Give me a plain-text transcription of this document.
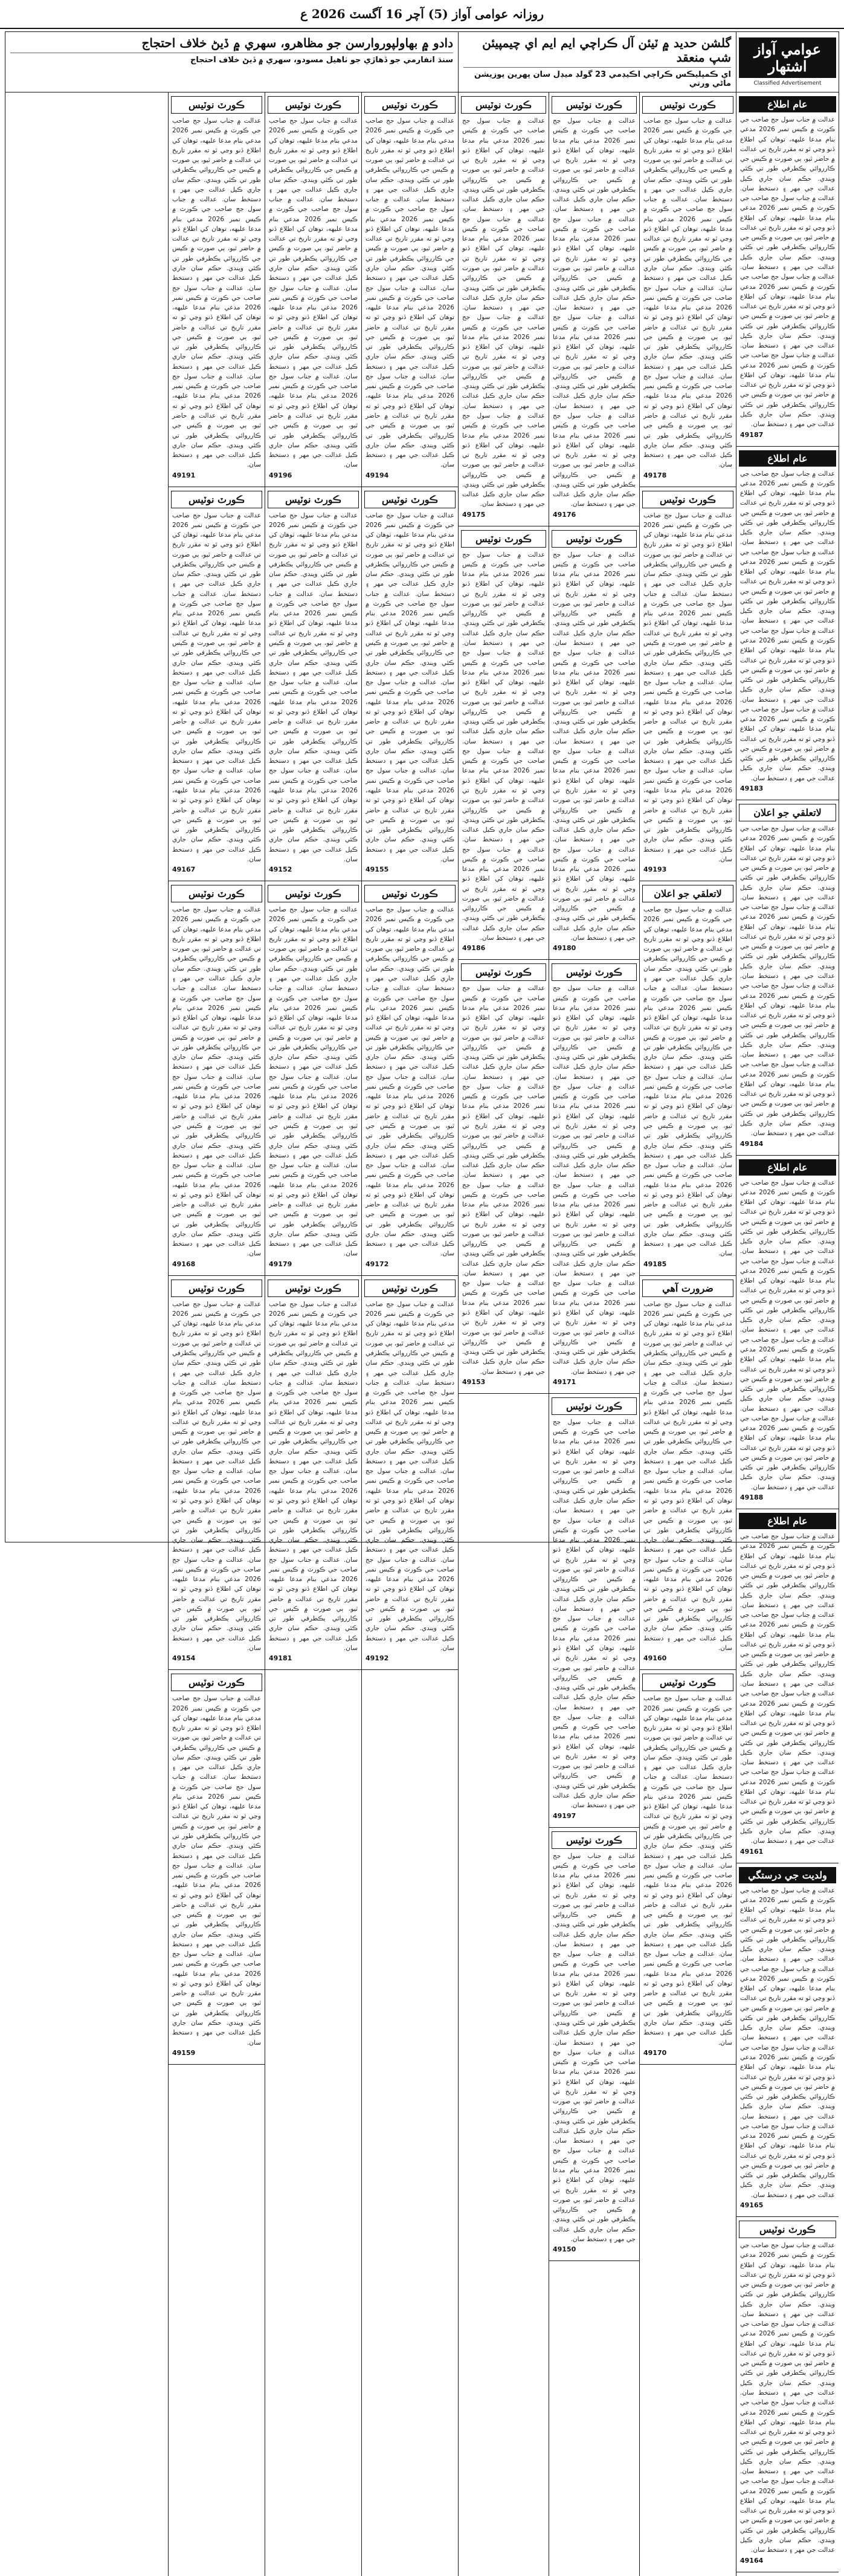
روزانہ عوامی آواز (5) آچر 16 آگسٽ 2026 ع
عوامي آواز
اشتهار
Classified Advertisement
دادو ۾ بھاولپوروارسن جو مظاهرو، سھري ۾ ڏيڻ خلاف احتجاج
سنڌ انفارمي جو ڏهاڙي جو ٺاهيل مسودو، سهري ۾ ڏيڻ خلاف احتجاج
گلشن حديد ۾ ٽيئن آل ڪراچي ايم ايم اي چيمپيئن شپ منعقد
اي ڪمپليڪس ڪراچي اڪيڊمي 23 گولڊ ميڊل سان پهرين پوزيشن ماڻي ورتي
عام اطلاع
عدالت ۾ جناب سول جج صاحب جي ڪورٽ ۾ ڪيس نمبر 2026 مدعي بنام مدعا عليهه، توهان کي اطلاع ڏنو وڃي ٿو ته مقرر تاريخ تي عدالت ۾ حاضر ٿيو، ٻي صورت ۾ ڪيس جي ڪارروائي يڪطرفي طور تي ڪئي ويندي. حڪم سان جاري ڪيل عدالت جي مهر ۽ دستخط سان. عدالت ۾ جناب سول جج صاحب جي ڪورٽ ۾ ڪيس نمبر 2026 مدعي بنام مدعا عليهه، توهان کي اطلاع ڏنو وڃي ٿو ته مقرر تاريخ تي عدالت ۾ حاضر ٿيو، ٻي صورت ۾ ڪيس جي ڪارروائي يڪطرفي طور تي ڪئي ويندي. حڪم سان جاري ڪيل عدالت جي مهر ۽ دستخط سان. عدالت ۾ جناب سول جج صاحب جي ڪورٽ ۾ ڪيس نمبر 2026 مدعي بنام مدعا عليهه، توهان کي اطلاع ڏنو وڃي ٿو ته مقرر تاريخ تي عدالت ۾ حاضر ٿيو، ٻي صورت ۾ ڪيس جي ڪارروائي يڪطرفي طور تي ڪئي ويندي. حڪم سان جاري ڪيل عدالت جي مهر ۽ دستخط سان. عدالت ۾ جناب سول جج صاحب جي ڪورٽ ۾ ڪيس نمبر 2026 مدعي بنام مدعا عليهه، توهان کي اطلاع ڏنو وڃي ٿو ته مقرر تاريخ تي عدالت ۾ حاضر ٿيو، ٻي صورت ۾ ڪيس جي ڪارروائي يڪطرفي طور تي ڪئي ويندي. حڪم سان جاري ڪيل عدالت جي مهر ۽ دستخط سان.
49187
عام اطلاع
عدالت ۾ جناب سول جج صاحب جي ڪورٽ ۾ ڪيس نمبر 2026 مدعي بنام مدعا عليهه، توهان کي اطلاع ڏنو وڃي ٿو ته مقرر تاريخ تي عدالت ۾ حاضر ٿيو، ٻي صورت ۾ ڪيس جي ڪارروائي يڪطرفي طور تي ڪئي ويندي. حڪم سان جاري ڪيل عدالت جي مهر ۽ دستخط سان. عدالت ۾ جناب سول جج صاحب جي ڪورٽ ۾ ڪيس نمبر 2026 مدعي بنام مدعا عليهه، توهان کي اطلاع ڏنو وڃي ٿو ته مقرر تاريخ تي عدالت ۾ حاضر ٿيو، ٻي صورت ۾ ڪيس جي ڪارروائي يڪطرفي طور تي ڪئي ويندي. حڪم سان جاري ڪيل عدالت جي مهر ۽ دستخط سان. عدالت ۾ جناب سول جج صاحب جي ڪورٽ ۾ ڪيس نمبر 2026 مدعي بنام مدعا عليهه، توهان کي اطلاع ڏنو وڃي ٿو ته مقرر تاريخ تي عدالت ۾ حاضر ٿيو، ٻي صورت ۾ ڪيس جي ڪارروائي يڪطرفي طور تي ڪئي ويندي. حڪم سان جاري ڪيل عدالت جي مهر ۽ دستخط سان. عدالت ۾ جناب سول جج صاحب جي ڪورٽ ۾ ڪيس نمبر 2026 مدعي بنام مدعا عليهه، توهان کي اطلاع ڏنو وڃي ٿو ته مقرر تاريخ تي عدالت ۾ حاضر ٿيو، ٻي صورت ۾ ڪيس جي ڪارروائي يڪطرفي طور تي ڪئي ويندي. حڪم سان جاري ڪيل عدالت جي مهر ۽ دستخط سان.
49183
لاتعلقي جو اعلان
عدالت ۾ جناب سول جج صاحب جي ڪورٽ ۾ ڪيس نمبر 2026 مدعي بنام مدعا عليهه، توهان کي اطلاع ڏنو وڃي ٿو ته مقرر تاريخ تي عدالت ۾ حاضر ٿيو، ٻي صورت ۾ ڪيس جي ڪارروائي يڪطرفي طور تي ڪئي ويندي. حڪم سان جاري ڪيل عدالت جي مهر ۽ دستخط سان. عدالت ۾ جناب سول جج صاحب جي ڪورٽ ۾ ڪيس نمبر 2026 مدعي بنام مدعا عليهه، توهان کي اطلاع ڏنو وڃي ٿو ته مقرر تاريخ تي عدالت ۾ حاضر ٿيو، ٻي صورت ۾ ڪيس جي ڪارروائي يڪطرفي طور تي ڪئي ويندي. حڪم سان جاري ڪيل عدالت جي مهر ۽ دستخط سان. عدالت ۾ جناب سول جج صاحب جي ڪورٽ ۾ ڪيس نمبر 2026 مدعي بنام مدعا عليهه، توهان کي اطلاع ڏنو وڃي ٿو ته مقرر تاريخ تي عدالت ۾ حاضر ٿيو، ٻي صورت ۾ ڪيس جي ڪارروائي يڪطرفي طور تي ڪئي ويندي. حڪم سان جاري ڪيل عدالت جي مهر ۽ دستخط سان. عدالت ۾ جناب سول جج صاحب جي ڪورٽ ۾ ڪيس نمبر 2026 مدعي بنام مدعا عليهه، توهان کي اطلاع ڏنو وڃي ٿو ته مقرر تاريخ تي عدالت ۾ حاضر ٿيو، ٻي صورت ۾ ڪيس جي ڪارروائي يڪطرفي طور تي ڪئي ويندي. حڪم سان جاري ڪيل عدالت جي مهر ۽ دستخط سان.
49184
عام اطلاع
عدالت ۾ جناب سول جج صاحب جي ڪورٽ ۾ ڪيس نمبر 2026 مدعي بنام مدعا عليهه، توهان کي اطلاع ڏنو وڃي ٿو ته مقرر تاريخ تي عدالت ۾ حاضر ٿيو، ٻي صورت ۾ ڪيس جي ڪارروائي يڪطرفي طور تي ڪئي ويندي. حڪم سان جاري ڪيل عدالت جي مهر ۽ دستخط سان. عدالت ۾ جناب سول جج صاحب جي ڪورٽ ۾ ڪيس نمبر 2026 مدعي بنام مدعا عليهه، توهان کي اطلاع ڏنو وڃي ٿو ته مقرر تاريخ تي عدالت ۾ حاضر ٿيو، ٻي صورت ۾ ڪيس جي ڪارروائي يڪطرفي طور تي ڪئي ويندي. حڪم سان جاري ڪيل عدالت جي مهر ۽ دستخط سان. عدالت ۾ جناب سول جج صاحب جي ڪورٽ ۾ ڪيس نمبر 2026 مدعي بنام مدعا عليهه، توهان کي اطلاع ڏنو وڃي ٿو ته مقرر تاريخ تي عدالت ۾ حاضر ٿيو، ٻي صورت ۾ ڪيس جي ڪارروائي يڪطرفي طور تي ڪئي ويندي. حڪم سان جاري ڪيل عدالت جي مهر ۽ دستخط سان. عدالت ۾ جناب سول جج صاحب جي ڪورٽ ۾ ڪيس نمبر 2026 مدعي بنام مدعا عليهه، توهان کي اطلاع ڏنو وڃي ٿو ته مقرر تاريخ تي عدالت ۾ حاضر ٿيو، ٻي صورت ۾ ڪيس جي ڪارروائي يڪطرفي طور تي ڪئي ويندي. حڪم سان جاري ڪيل عدالت جي مهر ۽ دستخط سان.
49188
عام اطلاع
عدالت ۾ جناب سول جج صاحب جي ڪورٽ ۾ ڪيس نمبر 2026 مدعي بنام مدعا عليهه، توهان کي اطلاع ڏنو وڃي ٿو ته مقرر تاريخ تي عدالت ۾ حاضر ٿيو، ٻي صورت ۾ ڪيس جي ڪارروائي يڪطرفي طور تي ڪئي ويندي. حڪم سان جاري ڪيل عدالت جي مهر ۽ دستخط سان. عدالت ۾ جناب سول جج صاحب جي ڪورٽ ۾ ڪيس نمبر 2026 مدعي بنام مدعا عليهه، توهان کي اطلاع ڏنو وڃي ٿو ته مقرر تاريخ تي عدالت ۾ حاضر ٿيو، ٻي صورت ۾ ڪيس جي ڪارروائي يڪطرفي طور تي ڪئي ويندي. حڪم سان جاري ڪيل عدالت جي مهر ۽ دستخط سان. عدالت ۾ جناب سول جج صاحب جي ڪورٽ ۾ ڪيس نمبر 2026 مدعي بنام مدعا عليهه، توهان کي اطلاع ڏنو وڃي ٿو ته مقرر تاريخ تي عدالت ۾ حاضر ٿيو، ٻي صورت ۾ ڪيس جي ڪارروائي يڪطرفي طور تي ڪئي ويندي. حڪم سان جاري ڪيل عدالت جي مهر ۽ دستخط سان. عدالت ۾ جناب سول جج صاحب جي ڪورٽ ۾ ڪيس نمبر 2026 مدعي بنام مدعا عليهه، توهان کي اطلاع ڏنو وڃي ٿو ته مقرر تاريخ تي عدالت ۾ حاضر ٿيو، ٻي صورت ۾ ڪيس جي ڪارروائي يڪطرفي طور تي ڪئي ويندي. حڪم سان جاري ڪيل عدالت جي مهر ۽ دستخط سان.
49161
ولديت جي درستگي
عدالت ۾ جناب سول جج صاحب جي ڪورٽ ۾ ڪيس نمبر 2026 مدعي بنام مدعا عليهه، توهان کي اطلاع ڏنو وڃي ٿو ته مقرر تاريخ تي عدالت ۾ حاضر ٿيو، ٻي صورت ۾ ڪيس جي ڪارروائي يڪطرفي طور تي ڪئي ويندي. حڪم سان جاري ڪيل عدالت جي مهر ۽ دستخط سان. عدالت ۾ جناب سول جج صاحب جي ڪورٽ ۾ ڪيس نمبر 2026 مدعي بنام مدعا عليهه، توهان کي اطلاع ڏنو وڃي ٿو ته مقرر تاريخ تي عدالت ۾ حاضر ٿيو، ٻي صورت ۾ ڪيس جي ڪارروائي يڪطرفي طور تي ڪئي ويندي. حڪم سان جاري ڪيل عدالت جي مهر ۽ دستخط سان. عدالت ۾ جناب سول جج صاحب جي ڪورٽ ۾ ڪيس نمبر 2026 مدعي بنام مدعا عليهه، توهان کي اطلاع ڏنو وڃي ٿو ته مقرر تاريخ تي عدالت ۾ حاضر ٿيو، ٻي صورت ۾ ڪيس جي ڪارروائي يڪطرفي طور تي ڪئي ويندي. حڪم سان جاري ڪيل عدالت جي مهر ۽ دستخط سان. عدالت ۾ جناب سول جج صاحب جي ڪورٽ ۾ ڪيس نمبر 2026 مدعي بنام مدعا عليهه، توهان کي اطلاع ڏنو وڃي ٿو ته مقرر تاريخ تي عدالت ۾ حاضر ٿيو، ٻي صورت ۾ ڪيس جي ڪارروائي يڪطرفي طور تي ڪئي ويندي. حڪم سان جاري ڪيل عدالت جي مهر ۽ دستخط سان.
49165
ڪورٽ نوٽيس
عدالت ۾ جناب سول جج صاحب جي ڪورٽ ۾ ڪيس نمبر 2026 مدعي بنام مدعا عليهه، توهان کي اطلاع ڏنو وڃي ٿو ته مقرر تاريخ تي عدالت ۾ حاضر ٿيو، ٻي صورت ۾ ڪيس جي ڪارروائي يڪطرفي طور تي ڪئي ويندي. حڪم سان جاري ڪيل عدالت جي مهر ۽ دستخط سان. عدالت ۾ جناب سول جج صاحب جي ڪورٽ ۾ ڪيس نمبر 2026 مدعي بنام مدعا عليهه، توهان کي اطلاع ڏنو وڃي ٿو ته مقرر تاريخ تي عدالت ۾ حاضر ٿيو، ٻي صورت ۾ ڪيس جي ڪارروائي يڪطرفي طور تي ڪئي ويندي. حڪم سان جاري ڪيل عدالت جي مهر ۽ دستخط سان. عدالت ۾ جناب سول جج صاحب جي ڪورٽ ۾ ڪيس نمبر 2026 مدعي بنام مدعا عليهه، توهان کي اطلاع ڏنو وڃي ٿو ته مقرر تاريخ تي عدالت ۾ حاضر ٿيو، ٻي صورت ۾ ڪيس جي ڪارروائي يڪطرفي طور تي ڪئي ويندي. حڪم سان جاري ڪيل عدالت جي مهر ۽ دستخط سان. عدالت ۾ جناب سول جج صاحب جي ڪورٽ ۾ ڪيس نمبر 2026 مدعي بنام مدعا عليهه، توهان کي اطلاع ڏنو وڃي ٿو ته مقرر تاريخ تي عدالت ۾ حاضر ٿيو، ٻي صورت ۾ ڪيس جي ڪارروائي يڪطرفي طور تي ڪئي ويندي. حڪم سان جاري ڪيل عدالت جي مهر ۽ دستخط سان.
49164
ڪورٽ نوٽيس
عدالت ۾ جناب سول جج صاحب جي ڪورٽ ۾ ڪيس نمبر 2026 مدعي بنام مدعا عليهه، توهان کي اطلاع ڏنو وڃي ٿو ته مقرر تاريخ تي عدالت ۾ حاضر ٿيو، ٻي صورت ۾ ڪيس جي ڪارروائي يڪطرفي طور تي ڪئي ويندي. حڪم سان جاري ڪيل عدالت جي مهر ۽ دستخط سان. عدالت ۾ جناب سول جج صاحب جي ڪورٽ ۾ ڪيس نمبر 2026 مدعي بنام مدعا عليهه، توهان کي اطلاع ڏنو وڃي ٿو ته مقرر تاريخ تي عدالت ۾ حاضر ٿيو، ٻي صورت ۾ ڪيس جي ڪارروائي يڪطرفي طور تي ڪئي ويندي. حڪم سان جاري ڪيل عدالت جي مهر ۽ دستخط سان. عدالت ۾ جناب سول جج صاحب جي ڪورٽ ۾ ڪيس نمبر 2026 مدعي بنام مدعا عليهه، توهان کي اطلاع ڏنو وڃي ٿو ته مقرر تاريخ تي عدالت ۾ حاضر ٿيو، ٻي صورت ۾ ڪيس جي ڪارروائي يڪطرفي طور تي ڪئي ويندي. حڪم سان جاري ڪيل عدالت جي مهر ۽ دستخط سان. عدالت ۾ جناب سول جج صاحب جي ڪورٽ ۾ ڪيس نمبر 2026 مدعي بنام مدعا عليهه، توهان کي اطلاع ڏنو وڃي ٿو ته مقرر تاريخ تي عدالت ۾ حاضر ٿيو، ٻي صورت ۾ ڪيس جي ڪارروائي يڪطرفي طور تي ڪئي ويندي. حڪم سان جاري ڪيل عدالت جي مهر ۽ دستخط سان.
49178
ڪورٽ نوٽيس
عدالت ۾ جناب سول جج صاحب جي ڪورٽ ۾ ڪيس نمبر 2026 مدعي بنام مدعا عليهه، توهان کي اطلاع ڏنو وڃي ٿو ته مقرر تاريخ تي عدالت ۾ حاضر ٿيو، ٻي صورت ۾ ڪيس جي ڪارروائي يڪطرفي طور تي ڪئي ويندي. حڪم سان جاري ڪيل عدالت جي مهر ۽ دستخط سان. عدالت ۾ جناب سول جج صاحب جي ڪورٽ ۾ ڪيس نمبر 2026 مدعي بنام مدعا عليهه، توهان کي اطلاع ڏنو وڃي ٿو ته مقرر تاريخ تي عدالت ۾ حاضر ٿيو، ٻي صورت ۾ ڪيس جي ڪارروائي يڪطرفي طور تي ڪئي ويندي. حڪم سان جاري ڪيل عدالت جي مهر ۽ دستخط سان. عدالت ۾ جناب سول جج صاحب جي ڪورٽ ۾ ڪيس نمبر 2026 مدعي بنام مدعا عليهه، توهان کي اطلاع ڏنو وڃي ٿو ته مقرر تاريخ تي عدالت ۾ حاضر ٿيو، ٻي صورت ۾ ڪيس جي ڪارروائي يڪطرفي طور تي ڪئي ويندي. حڪم سان جاري ڪيل عدالت جي مهر ۽ دستخط سان. عدالت ۾ جناب سول جج صاحب جي ڪورٽ ۾ ڪيس نمبر 2026 مدعي بنام مدعا عليهه، توهان کي اطلاع ڏنو وڃي ٿو ته مقرر تاريخ تي عدالت ۾ حاضر ٿيو، ٻي صورت ۾ ڪيس جي ڪارروائي يڪطرفي طور تي ڪئي ويندي. حڪم سان جاري ڪيل عدالت جي مهر ۽ دستخط سان.
49193
لاتعلقي جو اعلان
عدالت ۾ جناب سول جج صاحب جي ڪورٽ ۾ ڪيس نمبر 2026 مدعي بنام مدعا عليهه، توهان کي اطلاع ڏنو وڃي ٿو ته مقرر تاريخ تي عدالت ۾ حاضر ٿيو، ٻي صورت ۾ ڪيس جي ڪارروائي يڪطرفي طور تي ڪئي ويندي. حڪم سان جاري ڪيل عدالت جي مهر ۽ دستخط سان. عدالت ۾ جناب سول جج صاحب جي ڪورٽ ۾ ڪيس نمبر 2026 مدعي بنام مدعا عليهه، توهان کي اطلاع ڏنو وڃي ٿو ته مقرر تاريخ تي عدالت ۾ حاضر ٿيو، ٻي صورت ۾ ڪيس جي ڪارروائي يڪطرفي طور تي ڪئي ويندي. حڪم سان جاري ڪيل عدالت جي مهر ۽ دستخط سان. عدالت ۾ جناب سول جج صاحب جي ڪورٽ ۾ ڪيس نمبر 2026 مدعي بنام مدعا عليهه، توهان کي اطلاع ڏنو وڃي ٿو ته مقرر تاريخ تي عدالت ۾ حاضر ٿيو، ٻي صورت ۾ ڪيس جي ڪارروائي يڪطرفي طور تي ڪئي ويندي. حڪم سان جاري ڪيل عدالت جي مهر ۽ دستخط سان. عدالت ۾ جناب سول جج صاحب جي ڪورٽ ۾ ڪيس نمبر 2026 مدعي بنام مدعا عليهه، توهان کي اطلاع ڏنو وڃي ٿو ته مقرر تاريخ تي عدالت ۾ حاضر ٿيو، ٻي صورت ۾ ڪيس جي ڪارروائي يڪطرفي طور تي ڪئي ويندي. حڪم سان جاري ڪيل عدالت جي مهر ۽ دستخط سان.
49185
ضرورت آهي
عدالت ۾ جناب سول جج صاحب جي ڪورٽ ۾ ڪيس نمبر 2026 مدعي بنام مدعا عليهه، توهان کي اطلاع ڏنو وڃي ٿو ته مقرر تاريخ تي عدالت ۾ حاضر ٿيو، ٻي صورت ۾ ڪيس جي ڪارروائي يڪطرفي طور تي ڪئي ويندي. حڪم سان جاري ڪيل عدالت جي مهر ۽ دستخط سان. عدالت ۾ جناب سول جج صاحب جي ڪورٽ ۾ ڪيس نمبر 2026 مدعي بنام مدعا عليهه، توهان کي اطلاع ڏنو وڃي ٿو ته مقرر تاريخ تي عدالت ۾ حاضر ٿيو، ٻي صورت ۾ ڪيس جي ڪارروائي يڪطرفي طور تي ڪئي ويندي. حڪم سان جاري ڪيل عدالت جي مهر ۽ دستخط سان. عدالت ۾ جناب سول جج صاحب جي ڪورٽ ۾ ڪيس نمبر 2026 مدعي بنام مدعا عليهه، توهان کي اطلاع ڏنو وڃي ٿو ته مقرر تاريخ تي عدالت ۾ حاضر ٿيو، ٻي صورت ۾ ڪيس جي ڪارروائي يڪطرفي طور تي ڪئي ويندي. حڪم سان جاري ڪيل عدالت جي مهر ۽ دستخط سان. عدالت ۾ جناب سول جج صاحب جي ڪورٽ ۾ ڪيس نمبر 2026 مدعي بنام مدعا عليهه، توهان کي اطلاع ڏنو وڃي ٿو ته مقرر تاريخ تي عدالت ۾ حاضر ٿيو، ٻي صورت ۾ ڪيس جي ڪارروائي يڪطرفي طور تي ڪئي ويندي. حڪم سان جاري ڪيل عدالت جي مهر ۽ دستخط سان.
49160
ڪورٽ نوٽيس
عدالت ۾ جناب سول جج صاحب جي ڪورٽ ۾ ڪيس نمبر 2026 مدعي بنام مدعا عليهه، توهان کي اطلاع ڏنو وڃي ٿو ته مقرر تاريخ تي عدالت ۾ حاضر ٿيو، ٻي صورت ۾ ڪيس جي ڪارروائي يڪطرفي طور تي ڪئي ويندي. حڪم سان جاري ڪيل عدالت جي مهر ۽ دستخط سان. عدالت ۾ جناب سول جج صاحب جي ڪورٽ ۾ ڪيس نمبر 2026 مدعي بنام مدعا عليهه، توهان کي اطلاع ڏنو وڃي ٿو ته مقرر تاريخ تي عدالت ۾ حاضر ٿيو، ٻي صورت ۾ ڪيس جي ڪارروائي يڪطرفي طور تي ڪئي ويندي. حڪم سان جاري ڪيل عدالت جي مهر ۽ دستخط سان. عدالت ۾ جناب سول جج صاحب جي ڪورٽ ۾ ڪيس نمبر 2026 مدعي بنام مدعا عليهه، توهان کي اطلاع ڏنو وڃي ٿو ته مقرر تاريخ تي عدالت ۾ حاضر ٿيو، ٻي صورت ۾ ڪيس جي ڪارروائي يڪطرفي طور تي ڪئي ويندي. حڪم سان جاري ڪيل عدالت جي مهر ۽ دستخط سان. عدالت ۾ جناب سول جج صاحب جي ڪورٽ ۾ ڪيس نمبر 2026 مدعي بنام مدعا عليهه، توهان کي اطلاع ڏنو وڃي ٿو ته مقرر تاريخ تي عدالت ۾ حاضر ٿيو، ٻي صورت ۾ ڪيس جي ڪارروائي يڪطرفي طور تي ڪئي ويندي. حڪم سان جاري ڪيل عدالت جي مهر ۽ دستخط سان.
49170
ڪورٽ نوٽيس
عدالت ۾ جناب سول جج صاحب جي ڪورٽ ۾ ڪيس نمبر 2026 مدعي بنام مدعا عليهه، توهان کي اطلاع ڏنو وڃي ٿو ته مقرر تاريخ تي عدالت ۾ حاضر ٿيو، ٻي صورت ۾ ڪيس جي ڪارروائي يڪطرفي طور تي ڪئي ويندي. حڪم سان جاري ڪيل عدالت جي مهر ۽ دستخط سان. عدالت ۾ جناب سول جج صاحب جي ڪورٽ ۾ ڪيس نمبر 2026 مدعي بنام مدعا عليهه، توهان کي اطلاع ڏنو وڃي ٿو ته مقرر تاريخ تي عدالت ۾ حاضر ٿيو، ٻي صورت ۾ ڪيس جي ڪارروائي يڪطرفي طور تي ڪئي ويندي. حڪم سان جاري ڪيل عدالت جي مهر ۽ دستخط سان. عدالت ۾ جناب سول جج صاحب جي ڪورٽ ۾ ڪيس نمبر 2026 مدعي بنام مدعا عليهه، توهان کي اطلاع ڏنو وڃي ٿو ته مقرر تاريخ تي عدالت ۾ حاضر ٿيو، ٻي صورت ۾ ڪيس جي ڪارروائي يڪطرفي طور تي ڪئي ويندي. حڪم سان جاري ڪيل عدالت جي مهر ۽ دستخط سان. عدالت ۾ جناب سول جج صاحب جي ڪورٽ ۾ ڪيس نمبر 2026 مدعي بنام مدعا عليهه، توهان کي اطلاع ڏنو وڃي ٿو ته مقرر تاريخ تي عدالت ۾ حاضر ٿيو، ٻي صورت ۾ ڪيس جي ڪارروائي يڪطرفي طور تي ڪئي ويندي. حڪم سان جاري ڪيل عدالت جي مهر ۽ دستخط سان.
49176
ڪورٽ نوٽيس
عدالت ۾ جناب سول جج صاحب جي ڪورٽ ۾ ڪيس نمبر 2026 مدعي بنام مدعا عليهه، توهان کي اطلاع ڏنو وڃي ٿو ته مقرر تاريخ تي عدالت ۾ حاضر ٿيو، ٻي صورت ۾ ڪيس جي ڪارروائي يڪطرفي طور تي ڪئي ويندي. حڪم سان جاري ڪيل عدالت جي مهر ۽ دستخط سان. عدالت ۾ جناب سول جج صاحب جي ڪورٽ ۾ ڪيس نمبر 2026 مدعي بنام مدعا عليهه، توهان کي اطلاع ڏنو وڃي ٿو ته مقرر تاريخ تي عدالت ۾ حاضر ٿيو، ٻي صورت ۾ ڪيس جي ڪارروائي يڪطرفي طور تي ڪئي ويندي. حڪم سان جاري ڪيل عدالت جي مهر ۽ دستخط سان. عدالت ۾ جناب سول جج صاحب جي ڪورٽ ۾ ڪيس نمبر 2026 مدعي بنام مدعا عليهه، توهان کي اطلاع ڏنو وڃي ٿو ته مقرر تاريخ تي عدالت ۾ حاضر ٿيو، ٻي صورت ۾ ڪيس جي ڪارروائي يڪطرفي طور تي ڪئي ويندي. حڪم سان جاري ڪيل عدالت جي مهر ۽ دستخط سان. عدالت ۾ جناب سول جج صاحب جي ڪورٽ ۾ ڪيس نمبر 2026 مدعي بنام مدعا عليهه، توهان کي اطلاع ڏنو وڃي ٿو ته مقرر تاريخ تي عدالت ۾ حاضر ٿيو، ٻي صورت ۾ ڪيس جي ڪارروائي يڪطرفي طور تي ڪئي ويندي. حڪم سان جاري ڪيل عدالت جي مهر ۽ دستخط سان.
49180
ڪورٽ نوٽيس
عدالت ۾ جناب سول جج صاحب جي ڪورٽ ۾ ڪيس نمبر 2026 مدعي بنام مدعا عليهه، توهان کي اطلاع ڏنو وڃي ٿو ته مقرر تاريخ تي عدالت ۾ حاضر ٿيو، ٻي صورت ۾ ڪيس جي ڪارروائي يڪطرفي طور تي ڪئي ويندي. حڪم سان جاري ڪيل عدالت جي مهر ۽ دستخط سان. عدالت ۾ جناب سول جج صاحب جي ڪورٽ ۾ ڪيس نمبر 2026 مدعي بنام مدعا عليهه، توهان کي اطلاع ڏنو وڃي ٿو ته مقرر تاريخ تي عدالت ۾ حاضر ٿيو، ٻي صورت ۾ ڪيس جي ڪارروائي يڪطرفي طور تي ڪئي ويندي. حڪم سان جاري ڪيل عدالت جي مهر ۽ دستخط سان. عدالت ۾ جناب سول جج صاحب جي ڪورٽ ۾ ڪيس نمبر 2026 مدعي بنام مدعا عليهه، توهان کي اطلاع ڏنو وڃي ٿو ته مقرر تاريخ تي عدالت ۾ حاضر ٿيو، ٻي صورت ۾ ڪيس جي ڪارروائي يڪطرفي طور تي ڪئي ويندي. حڪم سان جاري ڪيل عدالت جي مهر ۽ دستخط سان. عدالت ۾ جناب سول جج صاحب جي ڪورٽ ۾ ڪيس نمبر 2026 مدعي بنام مدعا عليهه، توهان کي اطلاع ڏنو وڃي ٿو ته مقرر تاريخ تي عدالت ۾ حاضر ٿيو، ٻي صورت ۾ ڪيس جي ڪارروائي يڪطرفي طور تي ڪئي ويندي. حڪم سان جاري ڪيل عدالت جي مهر ۽ دستخط سان.
49171
ڪورٽ نوٽيس
عدالت ۾ جناب سول جج صاحب جي ڪورٽ ۾ ڪيس نمبر 2026 مدعي بنام مدعا عليهه، توهان کي اطلاع ڏنو وڃي ٿو ته مقرر تاريخ تي عدالت ۾ حاضر ٿيو، ٻي صورت ۾ ڪيس جي ڪارروائي يڪطرفي طور تي ڪئي ويندي. حڪم سان جاري ڪيل عدالت جي مهر ۽ دستخط سان. عدالت ۾ جناب سول جج صاحب جي ڪورٽ ۾ ڪيس نمبر 2026 مدعي بنام مدعا عليهه، توهان کي اطلاع ڏنو وڃي ٿو ته مقرر تاريخ تي عدالت ۾ حاضر ٿيو، ٻي صورت ۾ ڪيس جي ڪارروائي يڪطرفي طور تي ڪئي ويندي. حڪم سان جاري ڪيل عدالت جي مهر ۽ دستخط سان. عدالت ۾ جناب سول جج صاحب جي ڪورٽ ۾ ڪيس نمبر 2026 مدعي بنام مدعا عليهه، توهان کي اطلاع ڏنو وڃي ٿو ته مقرر تاريخ تي عدالت ۾ حاضر ٿيو، ٻي صورت ۾ ڪيس جي ڪارروائي يڪطرفي طور تي ڪئي ويندي. حڪم سان جاري ڪيل عدالت جي مهر ۽ دستخط سان. عدالت ۾ جناب سول جج صاحب جي ڪورٽ ۾ ڪيس نمبر 2026 مدعي بنام مدعا عليهه، توهان کي اطلاع ڏنو وڃي ٿو ته مقرر تاريخ تي عدالت ۾ حاضر ٿيو، ٻي صورت ۾ ڪيس جي ڪارروائي يڪطرفي طور تي ڪئي ويندي. حڪم سان جاري ڪيل عدالت جي مهر ۽ دستخط سان.
49197
ڪورٽ نوٽيس
عدالت ۾ جناب سول جج صاحب جي ڪورٽ ۾ ڪيس نمبر 2026 مدعي بنام مدعا عليهه، توهان کي اطلاع ڏنو وڃي ٿو ته مقرر تاريخ تي عدالت ۾ حاضر ٿيو، ٻي صورت ۾ ڪيس جي ڪارروائي يڪطرفي طور تي ڪئي ويندي. حڪم سان جاري ڪيل عدالت جي مهر ۽ دستخط سان. عدالت ۾ جناب سول جج صاحب جي ڪورٽ ۾ ڪيس نمبر 2026 مدعي بنام مدعا عليهه، توهان کي اطلاع ڏنو وڃي ٿو ته مقرر تاريخ تي عدالت ۾ حاضر ٿيو، ٻي صورت ۾ ڪيس جي ڪارروائي يڪطرفي طور تي ڪئي ويندي. حڪم سان جاري ڪيل عدالت جي مهر ۽ دستخط سان. عدالت ۾ جناب سول جج صاحب جي ڪورٽ ۾ ڪيس نمبر 2026 مدعي بنام مدعا عليهه، توهان کي اطلاع ڏنو وڃي ٿو ته مقرر تاريخ تي عدالت ۾ حاضر ٿيو، ٻي صورت ۾ ڪيس جي ڪارروائي يڪطرفي طور تي ڪئي ويندي. حڪم سان جاري ڪيل عدالت جي مهر ۽ دستخط سان. عدالت ۾ جناب سول جج صاحب جي ڪورٽ ۾ ڪيس نمبر 2026 مدعي بنام مدعا عليهه، توهان کي اطلاع ڏنو وڃي ٿو ته مقرر تاريخ تي عدالت ۾ حاضر ٿيو، ٻي صورت ۾ ڪيس جي ڪارروائي يڪطرفي طور تي ڪئي ويندي. حڪم سان جاري ڪيل عدالت جي مهر ۽ دستخط سان.
49150
ڪورٽ نوٽيس
عدالت ۾ جناب سول جج صاحب جي ڪورٽ ۾ ڪيس نمبر 2026 مدعي بنام مدعا عليهه، توهان کي اطلاع ڏنو وڃي ٿو ته مقرر تاريخ تي عدالت ۾ حاضر ٿيو، ٻي صورت ۾ ڪيس جي ڪارروائي يڪطرفي طور تي ڪئي ويندي. حڪم سان جاري ڪيل عدالت جي مهر ۽ دستخط سان. عدالت ۾ جناب سول جج صاحب جي ڪورٽ ۾ ڪيس نمبر 2026 مدعي بنام مدعا عليهه، توهان کي اطلاع ڏنو وڃي ٿو ته مقرر تاريخ تي عدالت ۾ حاضر ٿيو، ٻي صورت ۾ ڪيس جي ڪارروائي يڪطرفي طور تي ڪئي ويندي. حڪم سان جاري ڪيل عدالت جي مهر ۽ دستخط سان. عدالت ۾ جناب سول جج صاحب جي ڪورٽ ۾ ڪيس نمبر 2026 مدعي بنام مدعا عليهه، توهان کي اطلاع ڏنو وڃي ٿو ته مقرر تاريخ تي عدالت ۾ حاضر ٿيو، ٻي صورت ۾ ڪيس جي ڪارروائي يڪطرفي طور تي ڪئي ويندي. حڪم سان جاري ڪيل عدالت جي مهر ۽ دستخط سان. عدالت ۾ جناب سول جج صاحب جي ڪورٽ ۾ ڪيس نمبر 2026 مدعي بنام مدعا عليهه، توهان کي اطلاع ڏنو وڃي ٿو ته مقرر تاريخ تي عدالت ۾ حاضر ٿيو، ٻي صورت ۾ ڪيس جي ڪارروائي يڪطرفي طور تي ڪئي ويندي. حڪم سان جاري ڪيل عدالت جي مهر ۽ دستخط سان.
49175
ڪورٽ نوٽيس
عدالت ۾ جناب سول جج صاحب جي ڪورٽ ۾ ڪيس نمبر 2026 مدعي بنام مدعا عليهه، توهان کي اطلاع ڏنو وڃي ٿو ته مقرر تاريخ تي عدالت ۾ حاضر ٿيو، ٻي صورت ۾ ڪيس جي ڪارروائي يڪطرفي طور تي ڪئي ويندي. حڪم سان جاري ڪيل عدالت جي مهر ۽ دستخط سان. عدالت ۾ جناب سول جج صاحب جي ڪورٽ ۾ ڪيس نمبر 2026 مدعي بنام مدعا عليهه، توهان کي اطلاع ڏنو وڃي ٿو ته مقرر تاريخ تي عدالت ۾ حاضر ٿيو، ٻي صورت ۾ ڪيس جي ڪارروائي يڪطرفي طور تي ڪئي ويندي. حڪم سان جاري ڪيل عدالت جي مهر ۽ دستخط سان. عدالت ۾ جناب سول جج صاحب جي ڪورٽ ۾ ڪيس نمبر 2026 مدعي بنام مدعا عليهه، توهان کي اطلاع ڏنو وڃي ٿو ته مقرر تاريخ تي عدالت ۾ حاضر ٿيو، ٻي صورت ۾ ڪيس جي ڪارروائي يڪطرفي طور تي ڪئي ويندي. حڪم سان جاري ڪيل عدالت جي مهر ۽ دستخط سان. عدالت ۾ جناب سول جج صاحب جي ڪورٽ ۾ ڪيس نمبر 2026 مدعي بنام مدعا عليهه، توهان کي اطلاع ڏنو وڃي ٿو ته مقرر تاريخ تي عدالت ۾ حاضر ٿيو، ٻي صورت ۾ ڪيس جي ڪارروائي يڪطرفي طور تي ڪئي ويندي. حڪم سان جاري ڪيل عدالت جي مهر ۽ دستخط سان.
49186
ڪورٽ نوٽيس
عدالت ۾ جناب سول جج صاحب جي ڪورٽ ۾ ڪيس نمبر 2026 مدعي بنام مدعا عليهه، توهان کي اطلاع ڏنو وڃي ٿو ته مقرر تاريخ تي عدالت ۾ حاضر ٿيو، ٻي صورت ۾ ڪيس جي ڪارروائي يڪطرفي طور تي ڪئي ويندي. حڪم سان جاري ڪيل عدالت جي مهر ۽ دستخط سان. عدالت ۾ جناب سول جج صاحب جي ڪورٽ ۾ ڪيس نمبر 2026 مدعي بنام مدعا عليهه، توهان کي اطلاع ڏنو وڃي ٿو ته مقرر تاريخ تي عدالت ۾ حاضر ٿيو، ٻي صورت ۾ ڪيس جي ڪارروائي يڪطرفي طور تي ڪئي ويندي. حڪم سان جاري ڪيل عدالت جي مهر ۽ دستخط سان. عدالت ۾ جناب سول جج صاحب جي ڪورٽ ۾ ڪيس نمبر 2026 مدعي بنام مدعا عليهه، توهان کي اطلاع ڏنو وڃي ٿو ته مقرر تاريخ تي عدالت ۾ حاضر ٿيو، ٻي صورت ۾ ڪيس جي ڪارروائي يڪطرفي طور تي ڪئي ويندي. حڪم سان جاري ڪيل عدالت جي مهر ۽ دستخط سان. عدالت ۾ جناب سول جج صاحب جي ڪورٽ ۾ ڪيس نمبر 2026 مدعي بنام مدعا عليهه، توهان کي اطلاع ڏنو وڃي ٿو ته مقرر تاريخ تي عدالت ۾ حاضر ٿيو، ٻي صورت ۾ ڪيس جي ڪارروائي يڪطرفي طور تي ڪئي ويندي. حڪم سان جاري ڪيل عدالت جي مهر ۽ دستخط سان.
49153
ڪورٽ نوٽيس
عدالت ۾ جناب سول جج صاحب جي ڪورٽ ۾ ڪيس نمبر 2026 مدعي بنام مدعا عليهه، توهان کي اطلاع ڏنو وڃي ٿو ته مقرر تاريخ تي عدالت ۾ حاضر ٿيو، ٻي صورت ۾ ڪيس جي ڪارروائي يڪطرفي طور تي ڪئي ويندي. حڪم سان جاري ڪيل عدالت جي مهر ۽ دستخط سان. عدالت ۾ جناب سول جج صاحب جي ڪورٽ ۾ ڪيس نمبر 2026 مدعي بنام مدعا عليهه، توهان کي اطلاع ڏنو وڃي ٿو ته مقرر تاريخ تي عدالت ۾ حاضر ٿيو، ٻي صورت ۾ ڪيس جي ڪارروائي يڪطرفي طور تي ڪئي ويندي. حڪم سان جاري ڪيل عدالت جي مهر ۽ دستخط سان. عدالت ۾ جناب سول جج صاحب جي ڪورٽ ۾ ڪيس نمبر 2026 مدعي بنام مدعا عليهه، توهان کي اطلاع ڏنو وڃي ٿو ته مقرر تاريخ تي عدالت ۾ حاضر ٿيو، ٻي صورت ۾ ڪيس جي ڪارروائي يڪطرفي طور تي ڪئي ويندي. حڪم سان جاري ڪيل عدالت جي مهر ۽ دستخط سان. عدالت ۾ جناب سول جج صاحب جي ڪورٽ ۾ ڪيس نمبر 2026 مدعي بنام مدعا عليهه، توهان کي اطلاع ڏنو وڃي ٿو ته مقرر تاريخ تي عدالت ۾ حاضر ٿيو، ٻي صورت ۾ ڪيس جي ڪارروائي يڪطرفي طور تي ڪئي ويندي. حڪم سان جاري ڪيل عدالت جي مهر ۽ دستخط سان.
49194
ڪورٽ نوٽيس
عدالت ۾ جناب سول جج صاحب جي ڪورٽ ۾ ڪيس نمبر 2026 مدعي بنام مدعا عليهه، توهان کي اطلاع ڏنو وڃي ٿو ته مقرر تاريخ تي عدالت ۾ حاضر ٿيو، ٻي صورت ۾ ڪيس جي ڪارروائي يڪطرفي طور تي ڪئي ويندي. حڪم سان جاري ڪيل عدالت جي مهر ۽ دستخط سان. عدالت ۾ جناب سول جج صاحب جي ڪورٽ ۾ ڪيس نمبر 2026 مدعي بنام مدعا عليهه، توهان کي اطلاع ڏنو وڃي ٿو ته مقرر تاريخ تي عدالت ۾ حاضر ٿيو، ٻي صورت ۾ ڪيس جي ڪارروائي يڪطرفي طور تي ڪئي ويندي. حڪم سان جاري ڪيل عدالت جي مهر ۽ دستخط سان. عدالت ۾ جناب سول جج صاحب جي ڪورٽ ۾ ڪيس نمبر 2026 مدعي بنام مدعا عليهه، توهان کي اطلاع ڏنو وڃي ٿو ته مقرر تاريخ تي عدالت ۾ حاضر ٿيو، ٻي صورت ۾ ڪيس جي ڪارروائي يڪطرفي طور تي ڪئي ويندي. حڪم سان جاري ڪيل عدالت جي مهر ۽ دستخط سان. عدالت ۾ جناب سول جج صاحب جي ڪورٽ ۾ ڪيس نمبر 2026 مدعي بنام مدعا عليهه، توهان کي اطلاع ڏنو وڃي ٿو ته مقرر تاريخ تي عدالت ۾ حاضر ٿيو، ٻي صورت ۾ ڪيس جي ڪارروائي يڪطرفي طور تي ڪئي ويندي. حڪم سان جاري ڪيل عدالت جي مهر ۽ دستخط سان.
49155
ڪورٽ نوٽيس
عدالت ۾ جناب سول جج صاحب جي ڪورٽ ۾ ڪيس نمبر 2026 مدعي بنام مدعا عليهه، توهان کي اطلاع ڏنو وڃي ٿو ته مقرر تاريخ تي عدالت ۾ حاضر ٿيو، ٻي صورت ۾ ڪيس جي ڪارروائي يڪطرفي طور تي ڪئي ويندي. حڪم سان جاري ڪيل عدالت جي مهر ۽ دستخط سان. عدالت ۾ جناب سول جج صاحب جي ڪورٽ ۾ ڪيس نمبر 2026 مدعي بنام مدعا عليهه، توهان کي اطلاع ڏنو وڃي ٿو ته مقرر تاريخ تي عدالت ۾ حاضر ٿيو، ٻي صورت ۾ ڪيس جي ڪارروائي يڪطرفي طور تي ڪئي ويندي. حڪم سان جاري ڪيل عدالت جي مهر ۽ دستخط سان. عدالت ۾ جناب سول جج صاحب جي ڪورٽ ۾ ڪيس نمبر 2026 مدعي بنام مدعا عليهه، توهان کي اطلاع ڏنو وڃي ٿو ته مقرر تاريخ تي عدالت ۾ حاضر ٿيو، ٻي صورت ۾ ڪيس جي ڪارروائي يڪطرفي طور تي ڪئي ويندي. حڪم سان جاري ڪيل عدالت جي مهر ۽ دستخط سان. عدالت ۾ جناب سول جج صاحب جي ڪورٽ ۾ ڪيس نمبر 2026 مدعي بنام مدعا عليهه، توهان کي اطلاع ڏنو وڃي ٿو ته مقرر تاريخ تي عدالت ۾ حاضر ٿيو، ٻي صورت ۾ ڪيس جي ڪارروائي يڪطرفي طور تي ڪئي ويندي. حڪم سان جاري ڪيل عدالت جي مهر ۽ دستخط سان.
49172
ڪورٽ نوٽيس
عدالت ۾ جناب سول جج صاحب جي ڪورٽ ۾ ڪيس نمبر 2026 مدعي بنام مدعا عليهه، توهان کي اطلاع ڏنو وڃي ٿو ته مقرر تاريخ تي عدالت ۾ حاضر ٿيو، ٻي صورت ۾ ڪيس جي ڪارروائي يڪطرفي طور تي ڪئي ويندي. حڪم سان جاري ڪيل عدالت جي مهر ۽ دستخط سان. عدالت ۾ جناب سول جج صاحب جي ڪورٽ ۾ ڪيس نمبر 2026 مدعي بنام مدعا عليهه، توهان کي اطلاع ڏنو وڃي ٿو ته مقرر تاريخ تي عدالت ۾ حاضر ٿيو، ٻي صورت ۾ ڪيس جي ڪارروائي يڪطرفي طور تي ڪئي ويندي. حڪم سان جاري ڪيل عدالت جي مهر ۽ دستخط سان. عدالت ۾ جناب سول جج صاحب جي ڪورٽ ۾ ڪيس نمبر 2026 مدعي بنام مدعا عليهه، توهان کي اطلاع ڏنو وڃي ٿو ته مقرر تاريخ تي عدالت ۾ حاضر ٿيو، ٻي صورت ۾ ڪيس جي ڪارروائي يڪطرفي طور تي ڪئي ويندي. حڪم سان جاري ڪيل عدالت جي مهر ۽ دستخط سان. عدالت ۾ جناب سول جج صاحب جي ڪورٽ ۾ ڪيس نمبر 2026 مدعي بنام مدعا عليهه، توهان کي اطلاع ڏنو وڃي ٿو ته مقرر تاريخ تي عدالت ۾ حاضر ٿيو، ٻي صورت ۾ ڪيس جي ڪارروائي يڪطرفي طور تي ڪئي ويندي. حڪم سان جاري ڪيل عدالت جي مهر ۽ دستخط سان.
49192
ڪورٽ نوٽيس
عدالت ۾ جناب سول جج صاحب جي ڪورٽ ۾ ڪيس نمبر 2026 مدعي بنام مدعا عليهه، توهان کي اطلاع ڏنو وڃي ٿو ته مقرر تاريخ تي عدالت ۾ حاضر ٿيو، ٻي صورت ۾ ڪيس جي ڪارروائي يڪطرفي طور تي ڪئي ويندي. حڪم سان جاري ڪيل عدالت جي مهر ۽ دستخط سان. عدالت ۾ جناب سول جج صاحب جي ڪورٽ ۾ ڪيس نمبر 2026 مدعي بنام مدعا عليهه، توهان کي اطلاع ڏنو وڃي ٿو ته مقرر تاريخ تي عدالت ۾ حاضر ٿيو، ٻي صورت ۾ ڪيس جي ڪارروائي يڪطرفي طور تي ڪئي ويندي. حڪم سان جاري ڪيل عدالت جي مهر ۽ دستخط سان. عدالت ۾ جناب سول جج صاحب جي ڪورٽ ۾ ڪيس نمبر 2026 مدعي بنام مدعا عليهه، توهان کي اطلاع ڏنو وڃي ٿو ته مقرر تاريخ تي عدالت ۾ حاضر ٿيو، ٻي صورت ۾ ڪيس جي ڪارروائي يڪطرفي طور تي ڪئي ويندي. حڪم سان جاري ڪيل عدالت جي مهر ۽ دستخط سان. عدالت ۾ جناب سول جج صاحب جي ڪورٽ ۾ ڪيس نمبر 2026 مدعي بنام مدعا عليهه، توهان کي اطلاع ڏنو وڃي ٿو ته مقرر تاريخ تي عدالت ۾ حاضر ٿيو، ٻي صورت ۾ ڪيس جي ڪارروائي يڪطرفي طور تي ڪئي ويندي. حڪم سان جاري ڪيل عدالت جي مهر ۽ دستخط سان.
49196
ڪورٽ نوٽيس
عدالت ۾ جناب سول جج صاحب جي ڪورٽ ۾ ڪيس نمبر 2026 مدعي بنام مدعا عليهه، توهان کي اطلاع ڏنو وڃي ٿو ته مقرر تاريخ تي عدالت ۾ حاضر ٿيو، ٻي صورت ۾ ڪيس جي ڪارروائي يڪطرفي طور تي ڪئي ويندي. حڪم سان جاري ڪيل عدالت جي مهر ۽ دستخط سان. عدالت ۾ جناب سول جج صاحب جي ڪورٽ ۾ ڪيس نمبر 2026 مدعي بنام مدعا عليهه، توهان کي اطلاع ڏنو وڃي ٿو ته مقرر تاريخ تي عدالت ۾ حاضر ٿيو، ٻي صورت ۾ ڪيس جي ڪارروائي يڪطرفي طور تي ڪئي ويندي. حڪم سان جاري ڪيل عدالت جي مهر ۽ دستخط سان. عدالت ۾ جناب سول جج صاحب جي ڪورٽ ۾ ڪيس نمبر 2026 مدعي بنام مدعا عليهه، توهان کي اطلاع ڏنو وڃي ٿو ته مقرر تاريخ تي عدالت ۾ حاضر ٿيو، ٻي صورت ۾ ڪيس جي ڪارروائي يڪطرفي طور تي ڪئي ويندي. حڪم سان جاري ڪيل عدالت جي مهر ۽ دستخط سان. عدالت ۾ جناب سول جج صاحب جي ڪورٽ ۾ ڪيس نمبر 2026 مدعي بنام مدعا عليهه، توهان کي اطلاع ڏنو وڃي ٿو ته مقرر تاريخ تي عدالت ۾ حاضر ٿيو، ٻي صورت ۾ ڪيس جي ڪارروائي يڪطرفي طور تي ڪئي ويندي. حڪم سان جاري ڪيل عدالت جي مهر ۽ دستخط سان.
49152
ڪورٽ نوٽيس
عدالت ۾ جناب سول جج صاحب جي ڪورٽ ۾ ڪيس نمبر 2026 مدعي بنام مدعا عليهه، توهان کي اطلاع ڏنو وڃي ٿو ته مقرر تاريخ تي عدالت ۾ حاضر ٿيو، ٻي صورت ۾ ڪيس جي ڪارروائي يڪطرفي طور تي ڪئي ويندي. حڪم سان جاري ڪيل عدالت جي مهر ۽ دستخط سان. عدالت ۾ جناب سول جج صاحب جي ڪورٽ ۾ ڪيس نمبر 2026 مدعي بنام مدعا عليهه، توهان کي اطلاع ڏنو وڃي ٿو ته مقرر تاريخ تي عدالت ۾ حاضر ٿيو، ٻي صورت ۾ ڪيس جي ڪارروائي يڪطرفي طور تي ڪئي ويندي. حڪم سان جاري ڪيل عدالت جي مهر ۽ دستخط سان. عدالت ۾ جناب سول جج صاحب جي ڪورٽ ۾ ڪيس نمبر 2026 مدعي بنام مدعا عليهه، توهان کي اطلاع ڏنو وڃي ٿو ته مقرر تاريخ تي عدالت ۾ حاضر ٿيو، ٻي صورت ۾ ڪيس جي ڪارروائي يڪطرفي طور تي ڪئي ويندي. حڪم سان جاري ڪيل عدالت جي مهر ۽ دستخط سان. عدالت ۾ جناب سول جج صاحب جي ڪورٽ ۾ ڪيس نمبر 2026 مدعي بنام مدعا عليهه، توهان کي اطلاع ڏنو وڃي ٿو ته مقرر تاريخ تي عدالت ۾ حاضر ٿيو، ٻي صورت ۾ ڪيس جي ڪارروائي يڪطرفي طور تي ڪئي ويندي. حڪم سان جاري ڪيل عدالت جي مهر ۽ دستخط سان.
49179
ڪورٽ نوٽيس
عدالت ۾ جناب سول جج صاحب جي ڪورٽ ۾ ڪيس نمبر 2026 مدعي بنام مدعا عليهه، توهان کي اطلاع ڏنو وڃي ٿو ته مقرر تاريخ تي عدالت ۾ حاضر ٿيو، ٻي صورت ۾ ڪيس جي ڪارروائي يڪطرفي طور تي ڪئي ويندي. حڪم سان جاري ڪيل عدالت جي مهر ۽ دستخط سان. عدالت ۾ جناب سول جج صاحب جي ڪورٽ ۾ ڪيس نمبر 2026 مدعي بنام مدعا عليهه، توهان کي اطلاع ڏنو وڃي ٿو ته مقرر تاريخ تي عدالت ۾ حاضر ٿيو، ٻي صورت ۾ ڪيس جي ڪارروائي يڪطرفي طور تي ڪئي ويندي. حڪم سان جاري ڪيل عدالت جي مهر ۽ دستخط سان. عدالت ۾ جناب سول جج صاحب جي ڪورٽ ۾ ڪيس نمبر 2026 مدعي بنام مدعا عليهه، توهان کي اطلاع ڏنو وڃي ٿو ته مقرر تاريخ تي عدالت ۾ حاضر ٿيو، ٻي صورت ۾ ڪيس جي ڪارروائي يڪطرفي طور تي ڪئي ويندي. حڪم سان جاري ڪيل عدالت جي مهر ۽ دستخط سان. عدالت ۾ جناب سول جج صاحب جي ڪورٽ ۾ ڪيس نمبر 2026 مدعي بنام مدعا عليهه، توهان کي اطلاع ڏنو وڃي ٿو ته مقرر تاريخ تي عدالت ۾ حاضر ٿيو، ٻي صورت ۾ ڪيس جي ڪارروائي يڪطرفي طور تي ڪئي ويندي. حڪم سان جاري ڪيل عدالت جي مهر ۽ دستخط سان.
49181
ڪورٽ نوٽيس
عدالت ۾ جناب سول جج صاحب جي ڪورٽ ۾ ڪيس نمبر 2026 مدعي بنام مدعا عليهه، توهان کي اطلاع ڏنو وڃي ٿو ته مقرر تاريخ تي عدالت ۾ حاضر ٿيو، ٻي صورت ۾ ڪيس جي ڪارروائي يڪطرفي طور تي ڪئي ويندي. حڪم سان جاري ڪيل عدالت جي مهر ۽ دستخط سان. عدالت ۾ جناب سول جج صاحب جي ڪورٽ ۾ ڪيس نمبر 2026 مدعي بنام مدعا عليهه، توهان کي اطلاع ڏنو وڃي ٿو ته مقرر تاريخ تي عدالت ۾ حاضر ٿيو، ٻي صورت ۾ ڪيس جي ڪارروائي يڪطرفي طور تي ڪئي ويندي. حڪم سان جاري ڪيل عدالت جي مهر ۽ دستخط سان. عدالت ۾ جناب سول جج صاحب جي ڪورٽ ۾ ڪيس نمبر 2026 مدعي بنام مدعا عليهه، توهان کي اطلاع ڏنو وڃي ٿو ته مقرر تاريخ تي عدالت ۾ حاضر ٿيو، ٻي صورت ۾ ڪيس جي ڪارروائي يڪطرفي طور تي ڪئي ويندي. حڪم سان جاري ڪيل عدالت جي مهر ۽ دستخط سان. عدالت ۾ جناب سول جج صاحب جي ڪورٽ ۾ ڪيس نمبر 2026 مدعي بنام مدعا عليهه، توهان کي اطلاع ڏنو وڃي ٿو ته مقرر تاريخ تي عدالت ۾ حاضر ٿيو، ٻي صورت ۾ ڪيس جي ڪارروائي يڪطرفي طور تي ڪئي ويندي. حڪم سان جاري ڪيل عدالت جي مهر ۽ دستخط سان.
49191
ڪورٽ نوٽيس
عدالت ۾ جناب سول جج صاحب جي ڪورٽ ۾ ڪيس نمبر 2026 مدعي بنام مدعا عليهه، توهان کي اطلاع ڏنو وڃي ٿو ته مقرر تاريخ تي عدالت ۾ حاضر ٿيو، ٻي صورت ۾ ڪيس جي ڪارروائي يڪطرفي طور تي ڪئي ويندي. حڪم سان جاري ڪيل عدالت جي مهر ۽ دستخط سان. عدالت ۾ جناب سول جج صاحب جي ڪورٽ ۾ ڪيس نمبر 2026 مدعي بنام مدعا عليهه، توهان کي اطلاع ڏنو وڃي ٿو ته مقرر تاريخ تي عدالت ۾ حاضر ٿيو، ٻي صورت ۾ ڪيس جي ڪارروائي يڪطرفي طور تي ڪئي ويندي. حڪم سان جاري ڪيل عدالت جي مهر ۽ دستخط سان. عدالت ۾ جناب سول جج صاحب جي ڪورٽ ۾ ڪيس نمبر 2026 مدعي بنام مدعا عليهه، توهان کي اطلاع ڏنو وڃي ٿو ته مقرر تاريخ تي عدالت ۾ حاضر ٿيو، ٻي صورت ۾ ڪيس جي ڪارروائي يڪطرفي طور تي ڪئي ويندي. حڪم سان جاري ڪيل عدالت جي مهر ۽ دستخط سان. عدالت ۾ جناب سول جج صاحب جي ڪورٽ ۾ ڪيس نمبر 2026 مدعي بنام مدعا عليهه، توهان کي اطلاع ڏنو وڃي ٿو ته مقرر تاريخ تي عدالت ۾ حاضر ٿيو، ٻي صورت ۾ ڪيس جي ڪارروائي يڪطرفي طور تي ڪئي ويندي. حڪم سان جاري ڪيل عدالت جي مهر ۽ دستخط سان.
49167
ڪورٽ نوٽيس
عدالت ۾ جناب سول جج صاحب جي ڪورٽ ۾ ڪيس نمبر 2026 مدعي بنام مدعا عليهه، توهان کي اطلاع ڏنو وڃي ٿو ته مقرر تاريخ تي عدالت ۾ حاضر ٿيو، ٻي صورت ۾ ڪيس جي ڪارروائي يڪطرفي طور تي ڪئي ويندي. حڪم سان جاري ڪيل عدالت جي مهر ۽ دستخط سان. عدالت ۾ جناب سول جج صاحب جي ڪورٽ ۾ ڪيس نمبر 2026 مدعي بنام مدعا عليهه، توهان کي اطلاع ڏنو وڃي ٿو ته مقرر تاريخ تي عدالت ۾ حاضر ٿيو، ٻي صورت ۾ ڪيس جي ڪارروائي يڪطرفي طور تي ڪئي ويندي. حڪم سان جاري ڪيل عدالت جي مهر ۽ دستخط سان. عدالت ۾ جناب سول جج صاحب جي ڪورٽ ۾ ڪيس نمبر 2026 مدعي بنام مدعا عليهه، توهان کي اطلاع ڏنو وڃي ٿو ته مقرر تاريخ تي عدالت ۾ حاضر ٿيو، ٻي صورت ۾ ڪيس جي ڪارروائي يڪطرفي طور تي ڪئي ويندي. حڪم سان جاري ڪيل عدالت جي مهر ۽ دستخط سان. عدالت ۾ جناب سول جج صاحب جي ڪورٽ ۾ ڪيس نمبر 2026 مدعي بنام مدعا عليهه، توهان کي اطلاع ڏنو وڃي ٿو ته مقرر تاريخ تي عدالت ۾ حاضر ٿيو، ٻي صورت ۾ ڪيس جي ڪارروائي يڪطرفي طور تي ڪئي ويندي. حڪم سان جاري ڪيل عدالت جي مهر ۽ دستخط سان.
49168
ڪورٽ نوٽيس
عدالت ۾ جناب سول جج صاحب جي ڪورٽ ۾ ڪيس نمبر 2026 مدعي بنام مدعا عليهه، توهان کي اطلاع ڏنو وڃي ٿو ته مقرر تاريخ تي عدالت ۾ حاضر ٿيو، ٻي صورت ۾ ڪيس جي ڪارروائي يڪطرفي طور تي ڪئي ويندي. حڪم سان جاري ڪيل عدالت جي مهر ۽ دستخط سان. عدالت ۾ جناب سول جج صاحب جي ڪورٽ ۾ ڪيس نمبر 2026 مدعي بنام مدعا عليهه، توهان کي اطلاع ڏنو وڃي ٿو ته مقرر تاريخ تي عدالت ۾ حاضر ٿيو، ٻي صورت ۾ ڪيس جي ڪارروائي يڪطرفي طور تي ڪئي ويندي. حڪم سان جاري ڪيل عدالت جي مهر ۽ دستخط سان. عدالت ۾ جناب سول جج صاحب جي ڪورٽ ۾ ڪيس نمبر 2026 مدعي بنام مدعا عليهه، توهان کي اطلاع ڏنو وڃي ٿو ته مقرر تاريخ تي عدالت ۾ حاضر ٿيو، ٻي صورت ۾ ڪيس جي ڪارروائي يڪطرفي طور تي ڪئي ويندي. حڪم سان جاري ڪيل عدالت جي مهر ۽ دستخط سان. عدالت ۾ جناب سول جج صاحب جي ڪورٽ ۾ ڪيس نمبر 2026 مدعي بنام مدعا عليهه، توهان کي اطلاع ڏنو وڃي ٿو ته مقرر تاريخ تي عدالت ۾ حاضر ٿيو، ٻي صورت ۾ ڪيس جي ڪارروائي يڪطرفي طور تي ڪئي ويندي. حڪم سان جاري ڪيل عدالت جي مهر ۽ دستخط سان.
49154
ڪورٽ نوٽيس
عدالت ۾ جناب سول جج صاحب جي ڪورٽ ۾ ڪيس نمبر 2026 مدعي بنام مدعا عليهه، توهان کي اطلاع ڏنو وڃي ٿو ته مقرر تاريخ تي عدالت ۾ حاضر ٿيو، ٻي صورت ۾ ڪيس جي ڪارروائي يڪطرفي طور تي ڪئي ويندي. حڪم سان جاري ڪيل عدالت جي مهر ۽ دستخط سان. عدالت ۾ جناب سول جج صاحب جي ڪورٽ ۾ ڪيس نمبر 2026 مدعي بنام مدعا عليهه، توهان کي اطلاع ڏنو وڃي ٿو ته مقرر تاريخ تي عدالت ۾ حاضر ٿيو، ٻي صورت ۾ ڪيس جي ڪارروائي يڪطرفي طور تي ڪئي ويندي. حڪم سان جاري ڪيل عدالت جي مهر ۽ دستخط سان. عدالت ۾ جناب سول جج صاحب جي ڪورٽ ۾ ڪيس نمبر 2026 مدعي بنام مدعا عليهه، توهان کي اطلاع ڏنو وڃي ٿو ته مقرر تاريخ تي عدالت ۾ حاضر ٿيو، ٻي صورت ۾ ڪيس جي ڪارروائي يڪطرفي طور تي ڪئي ويندي. حڪم سان جاري ڪيل عدالت جي مهر ۽ دستخط سان. عدالت ۾ جناب سول جج صاحب جي ڪورٽ ۾ ڪيس نمبر 2026 مدعي بنام مدعا عليهه، توهان کي اطلاع ڏنو وڃي ٿو ته مقرر تاريخ تي عدالت ۾ حاضر ٿيو، ٻي صورت ۾ ڪيس جي ڪارروائي يڪطرفي طور تي ڪئي ويندي. حڪم سان جاري ڪيل عدالت جي مهر ۽ دستخط سان.
49159
